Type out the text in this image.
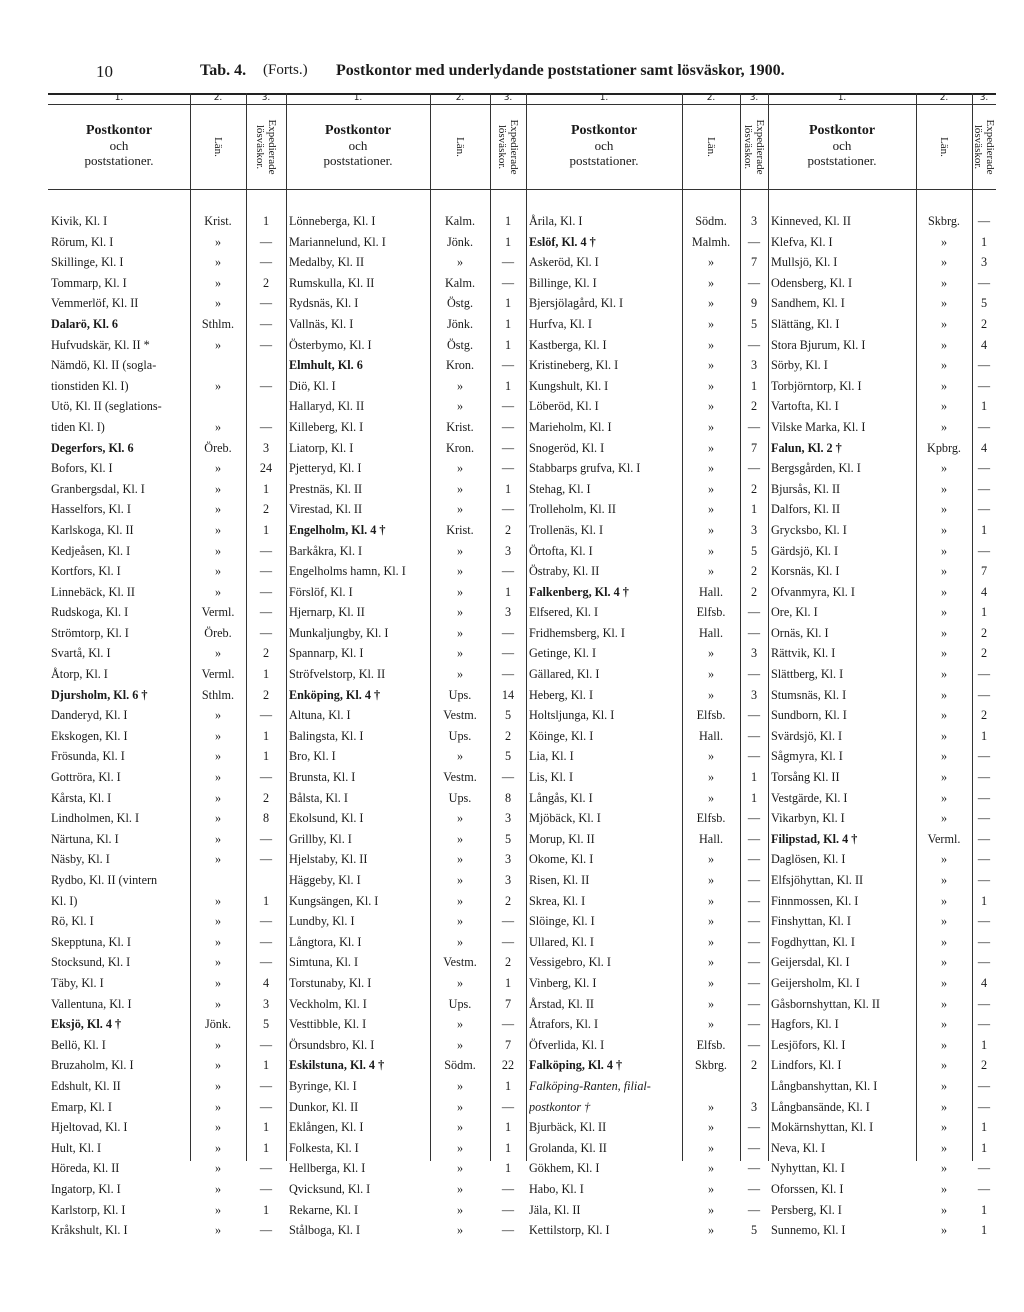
10	Tab. 4. (Forts.) Postkontor med underlydande poststationer samt lösväskor, 1900.
1.	2.	3.
Postkontor
och
poststationer.
Län.	Expedierade
lösväskor.
1.	2.	3.
Postkontor
och
poststationer.
Län.	Expedierade
lösväskor.
1.	2.	3.
Postkontor
och
poststationer.
Län.	Expedierade
lösväskor.
1.	2.	3.
Postkontor
och
poststationer.
Län.	Expedierade
lösväskor.
Kivik, Kl. I	Krist.	1
Rörum, Kl. I	»	—
Skillinge, Kl. I	»	—
Tommarp, Kl. I	»	2
Vemmerlöf, Kl. II	»	—
Dalarö, Kl. 6	Sthlm.	—
Hufvudskär, Kl. II *	»	—
Nämdö, Kl. II (sogla-
tionstiden Kl. I)	»	—
Utö, Kl. II (seglations-
tiden Kl. I)	»	—
Degerfors, Kl. 6	Öreb.	3
Bofors, Kl. I	»	24
Granbergsdal, Kl. I	»	1
Hasselfors, Kl. I	»	2
Karlskoga, Kl. II	»	1
Kedjeåsen, Kl. I	»	—
Kortfors, Kl. I	»	—
Linnebäck, Kl. II	»	—
Rudskoga, Kl. I	Verml.	—
Strömtorp, Kl. I	Öreb.	—
Svartå, Kl. I	»	2
Åtorp, Kl. I	Verml.	1
Djursholm, Kl. 6 †	Sthlm.	2
Danderyd, Kl. I	»	—
Ekskogen, Kl. I	»	1
Frösunda, Kl. I	»	1
Gottröra, Kl. I	»	—
Kårsta, Kl. I	»	2
Lindholmen, Kl. I	»	8
Närtuna, Kl. I	»	—
Näsby, Kl. I	»	—
Rydbo, Kl. II (vintern
Kl. I)	»	1
Rö, Kl. I	»	—
Skepptuna, Kl. I	»	—
Stocksund, Kl. I	»	—
Täby, Kl. I	»	4
Vallentuna, Kl. I	»	3
Eksjö, Kl. 4 †	Jönk.	5
Bellö, Kl. I	»	—
Bruzaholm, Kl. I	»	1
Edshult, Kl. II	»	—
Emarp, Kl. I	»	—
Hjeltovad, Kl. I	»	1
Hult, Kl. I	»	1
Höreda, Kl. II	»	—
Ingatorp, Kl. I	»	—
Karlstorp, Kl. I	»	1
Kråkshult, Kl. I	»	—
Lönneberga, Kl. I	Kalm.	1
Mariannelund, Kl. I	Jönk.	1
Medalby, Kl. II	»	—
Rumskulla, Kl. II	Kalm.	—
Rydsnäs, Kl. I	Östg.	1
Vallnäs, Kl. I	Jönk.	1
Österbymo, Kl. I	Östg.	1
Elmhult, Kl. 6	Kron.	—
Diö, Kl. I	»	1
Hallaryd, Kl. II	»	—
Killeberg, Kl. I	Krist.	—
Liatorp, Kl. I	Kron.	—
Pjetteryd, Kl. I	»	—
Prestnäs, Kl. II	»	1
Virestad, Kl. II	»	—
Engelholm, Kl. 4 †	Krist.	2
Barkåkra, Kl. I	»	3
Engelholms hamn, Kl. I	»	—
Förslöf, Kl. I	»	1
Hjernarp, Kl. II	»	3
Munkaljungby, Kl. I	»	—
Spannarp, Kl. I	»	—
Ströfvelstorp, Kl. II	»	—
Enköping, Kl. 4 †	Ups.	14
Altuna, Kl. I	Vestm.	5
Balingsta, Kl. I	Ups.	2
Bro, Kl. I	»	5
Brunsta, Kl. I	Vestm.	—
Bålsta, Kl. I	Ups.	8
Ekolsund, Kl. I	»	3
Grillby, Kl. I	»	5
Hjelstaby, Kl. II	»	3
Häggeby, Kl. I	»	3
Kungsängen, Kl. I	»	2
Lundby, Kl. I	»	—
Långtora, Kl. I	»	—
Simtuna, Kl. I	Vestm.	2
Torstunaby, Kl. I	»	1
Veckholm, Kl. I	Ups.	7
Vesttibble, Kl. I	»	—
Örsundsbro, Kl. I	»	7
Eskilstuna, Kl. 4 †	Södm.	22
Byringe, Kl. I	»	1
Dunkor, Kl. II	»	—
Eklången, Kl. I	»	1
Folkesta, Kl. I	»	1
Hellberga, Kl. I	»	1
Qvicksund, Kl. I	»	—
Rekarne, Kl. I	»	—
Stålboga, Kl. I	»	—
Årila, Kl. I	Södm.	3
Eslöf, Kl. 4 †	Malmh.	—
Askeröd, Kl. I	»	7
Billinge, Kl. I	»	—
Bjersjölagård, Kl. I	»	9
Hurfva, Kl. I	»	5
Kastberga, Kl. I	»	—
Kristineberg, Kl. I	»	3
Kungshult, Kl. I	»	1
Löberöd, Kl. I	»	2
Marieholm, Kl. I	»	—
Snogeröd, Kl. I	»	7
Stabbarps grufva, Kl. I	»	—
Stehag, Kl. I	»	2
Trolleholm, Kl. II	»	1
Trollenäs, Kl. I	»	3
Örtofta, Kl. I	»	5
Östraby, Kl. II	»	2
Falkenberg, Kl. 4 †	Hall.	2
Elfsered, Kl. I	Elfsb.	—
Fridhemsberg, Kl. I	Hall.	—
Getinge, Kl. I	»	3
Gällared, Kl. I	»	—
Heberg, Kl. I	»	3
Holtsljunga, Kl. I	Elfsb.	—
Köinge, Kl. I	Hall.	—
Lia, Kl. I	»	—
Lis, Kl. I	»	1
Långås, Kl. I	»	1
Mjöbäck, Kl. I	Elfsb.	—
Morup, Kl. II	Hall.	—
Okome, Kl. I	»	—
Risen, Kl. II	»	—
Skrea, Kl. I	»	—
Slöinge, Kl. I	»	—
Ullared, Kl. I	»	—
Vessigebro, Kl. I	»	—
Vinberg, Kl. I	»	—
Årstad, Kl. II	»	—
Åtrafors, Kl. I	»	—
Öfverlida, Kl. I	Elfsb.	—
Falköping, Kl. 4 †	Skbrg.	2
Falköping-Ranten, filial-
postkontor †	»	3
Bjurbäck, Kl. II	»	—
Grolanda, Kl. II	»	—
Gökhem, Kl. I	»	—
Habo, Kl. I	»	—
Jäla, Kl. II	»	—
Kettilstorp, Kl. I	»	5
Kinneved, Kl. II	Skbrg.	—
Klefva, Kl. I	»	1
Mullsjö, Kl. I	»	3
Odensberg, Kl. I	»	—
Sandhem, Kl. I	»	5
Slättäng, Kl. I	»	2
Stora Bjurum, Kl. I	»	4
Sörby, Kl. I	»	—
Torbjörntorp, Kl. I	»	—
Vartofta, Kl. I	»	1
Vilske Marka, Kl. I	»	—
Falun, Kl. 2 †	Kpbrg.	4
Bergsgården, Kl. I	»	—
Bjursås, Kl. II	»	—
Dalfors, Kl. II	»	—
Grycksbo, Kl. I	»	1
Gärdsjö, Kl. I	»	—
Korsnäs, Kl. I	»	7
Ofvanmyra, Kl. I	»	4
Ore, Kl. I	»	1
Ornäs, Kl. I	»	2
Rättvik, Kl. I	»	2
Slättberg, Kl. I	»	—
Stumsnäs, Kl. I	»	—
Sundborn, Kl. I	»	2
Svärdsjö, Kl. I	»	1
Sågmyra, Kl. I	»	—
Torsång Kl. II	»	—
Vestgärde, Kl. I	»	—
Vikarbyn, Kl. I	»	—
Filipstad, Kl. 4 †	Verml.	—
Daglösen, Kl. I	»	—
Elfsjöhyttan, Kl. II	»	—
Finnmossen, Kl. I	»	1
Finshyttan, Kl. I	»	—
Fogdhyttan, Kl. I	»	—
Geijersdal, Kl. I	»	—
Geijersholm, Kl. I	»	4
Gåsbornshyttan, Kl. II	»	—
Hagfors, Kl. I	»	—
Lesjöfors, Kl. I	»	1
Lindfors, Kl. I	»	2
Långbanshyttan, Kl. I	»	—
Långbansände, Kl. I	»	—
Mokärnshyttan, Kl. I	»	1
Neva, Kl. I	»	1
Nyhyttan, Kl. I	»	—
Oforssen, Kl. I	»	—
Persberg, Kl. I	»	1
Sunnemo, Kl. I	»	1
